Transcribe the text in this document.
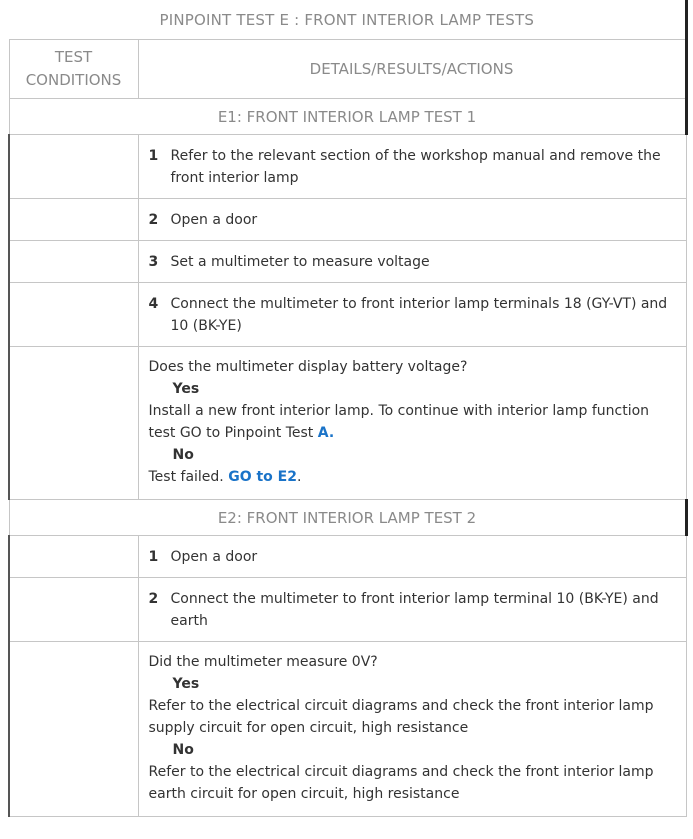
PINPOINT TEST E : FRONT INTERIOR LAMP TESTS	

TEST
CONDITIONS	DETAILS/RESULTS/ACTIONS
E1: FRONT INTERIOR LAMP TEST 1	

	1 Refer to the relevant section of the workshop manual and remove the front interior lamp

	2 Open a door

	3 Set a multimeter to measure voltage

	4 Connect the multimeter to front interior lamp terminals 18 (GY-VT) and 10 (BK-YE)

	Does the multimeter display battery voltage?
Yes
Install a new front interior lamp. To continue with interior lamp function test GO to Pinpoint Test A.
No
Test failed. GO to E2.

E2: FRONT INTERIOR LAMP TEST 2	

	1 Open a door

	2 Connect the multimeter to front interior lamp terminal 10 (BK-YE) and earth

	Did the multimeter measure 0V?
Yes
Refer to the electrical circuit diagrams and check the front interior lamp supply circuit for open circuit, high resistance
No
Refer to the electrical circuit diagrams and check the front interior lamp earth circuit for open circuit, high resistance
